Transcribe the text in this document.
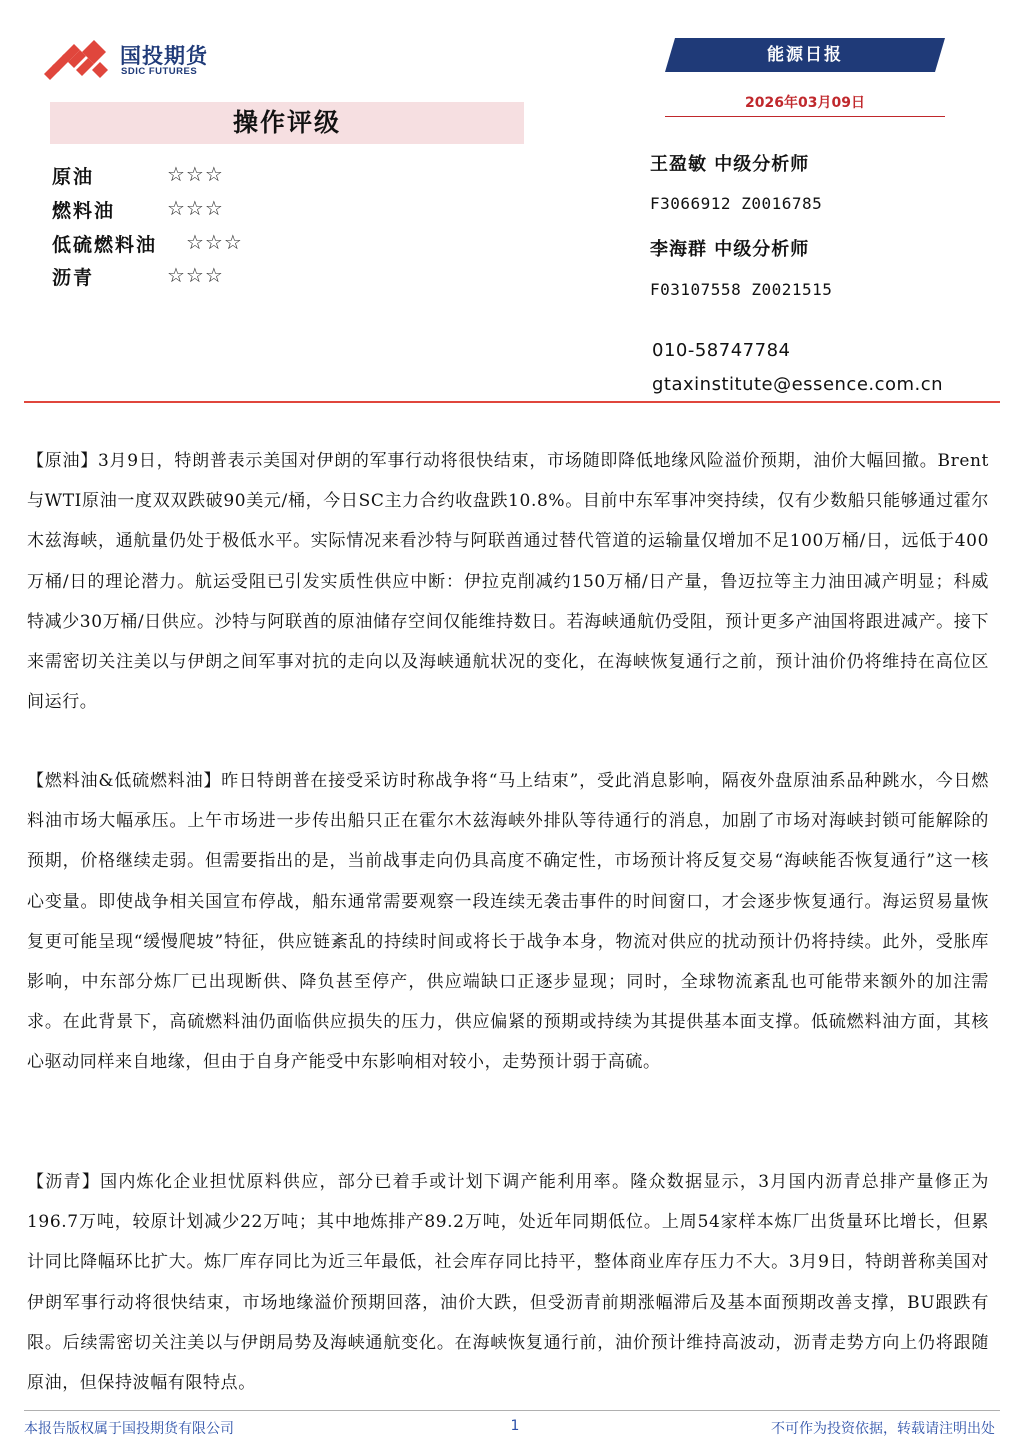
国投期货
SDIC FUTURES
能源日报
2026年03月09日
操作评级
原油	☆☆☆
燃料油	☆☆☆
低硫燃料油 ☆☆☆
沥青	☆☆☆
王盈敏 中级分析师
F3066912 Z0016785
李海群 中级分析师
F03107558 Z0021515
010-58747784
gtaxinstitute@essence.com.cn

【原油】3月9日，特朗普表示美国对伊朗的军事行动将很快结束，市场随即降低地缘风险溢价预期，油价大幅回撤。Brent与WTI原油一度双双跌破90美元/桶，今日SC主力合约收盘跌10.8%。目前中东军事冲突持续，仅有少数船只能够通过霍尔木兹海峡，通航量仍处于极低水平。实际情况来看沙特与阿联酋通过替代管道的运输量仅增加不足100万桶/日，远低于400万桶/日的理论潜力。航运受阻已引发实质性供应中断：伊拉克削减约150万桶/日产量，鲁迈拉等主力油田减产明显；科威特减少30万桶/日供应。沙特与阿联酋的原油储存空间仅能维持数日。若海峡通航仍受阻，预计更多产油国将跟进减产。接下来需密切关注美以与伊朗之间军事对抗的走向以及海峡通航状况的变化，在海峡恢复通行之前，预计油价仍将维持在高位区间运行。

【燃料油&低硫燃料油】昨日特朗普在接受采访时称战争将“马上结束”，受此消息影响，隔夜外盘原油系品种跳水，今日燃料油市场大幅承压。上午市场进一步传出船只正在霍尔木兹海峡外排队等待通行的消息，加剧了市场对海峡封锁可能解除的预期，价格继续走弱。但需要指出的是，当前战事走向仍具高度不确定性，市场预计将反复交易“海峡能否恢复通行”这一核心变量。即使战争相关国宣布停战，船东通常需要观察一段连续无袭击事件的时间窗口，才会逐步恢复通行。海运贸易量恢复更可能呈现“缓慢爬坡”特征，供应链紊乱的持续时间或将长于战争本身，物流对供应的扰动预计仍将持续。此外，受胀库影响，中东部分炼厂已出现断供、降负甚至停产，供应端缺口正逐步显现；同时，全球物流紊乱也可能带来额外的加注需求。在此背景下，高硫燃料油仍面临供应损失的压力，供应偏紧的预期或持续为其提供基本面支撑。低硫燃料油方面，其核心驱动同样来自地缘，但由于自身产能受中东影响相对较小，走势预计弱于高硫。

【沥青】国内炼化企业担忧原料供应，部分已着手或计划下调产能利用率。隆众数据显示，3月国内沥青总排产量修正为196.7万吨，较原计划减少22万吨；其中地炼排产89.2万吨，处近年同期低位。上周54家样本炼厂出货量环比增长，但累计同比降幅环比扩大。炼厂库存同比为近三年最低，社会库存同比持平，整体商业库存压力不大。3月9日，特朗普称美国对伊朗军事行动将很快结束，市场地缘溢价预期回落，油价大跌，但受沥青前期涨幅滞后及基本面预期改善支撑，BU跟跌有限。后续需密切关注美以与伊朗局势及海峡通航变化。在海峡恢复通行前，油价预计维持高波动，沥青走势方向上仍将跟随原油，但保持波幅有限特点。

本报告版权属于国投期货有限公司	1	不可作为投资依据，转载请注明出处
